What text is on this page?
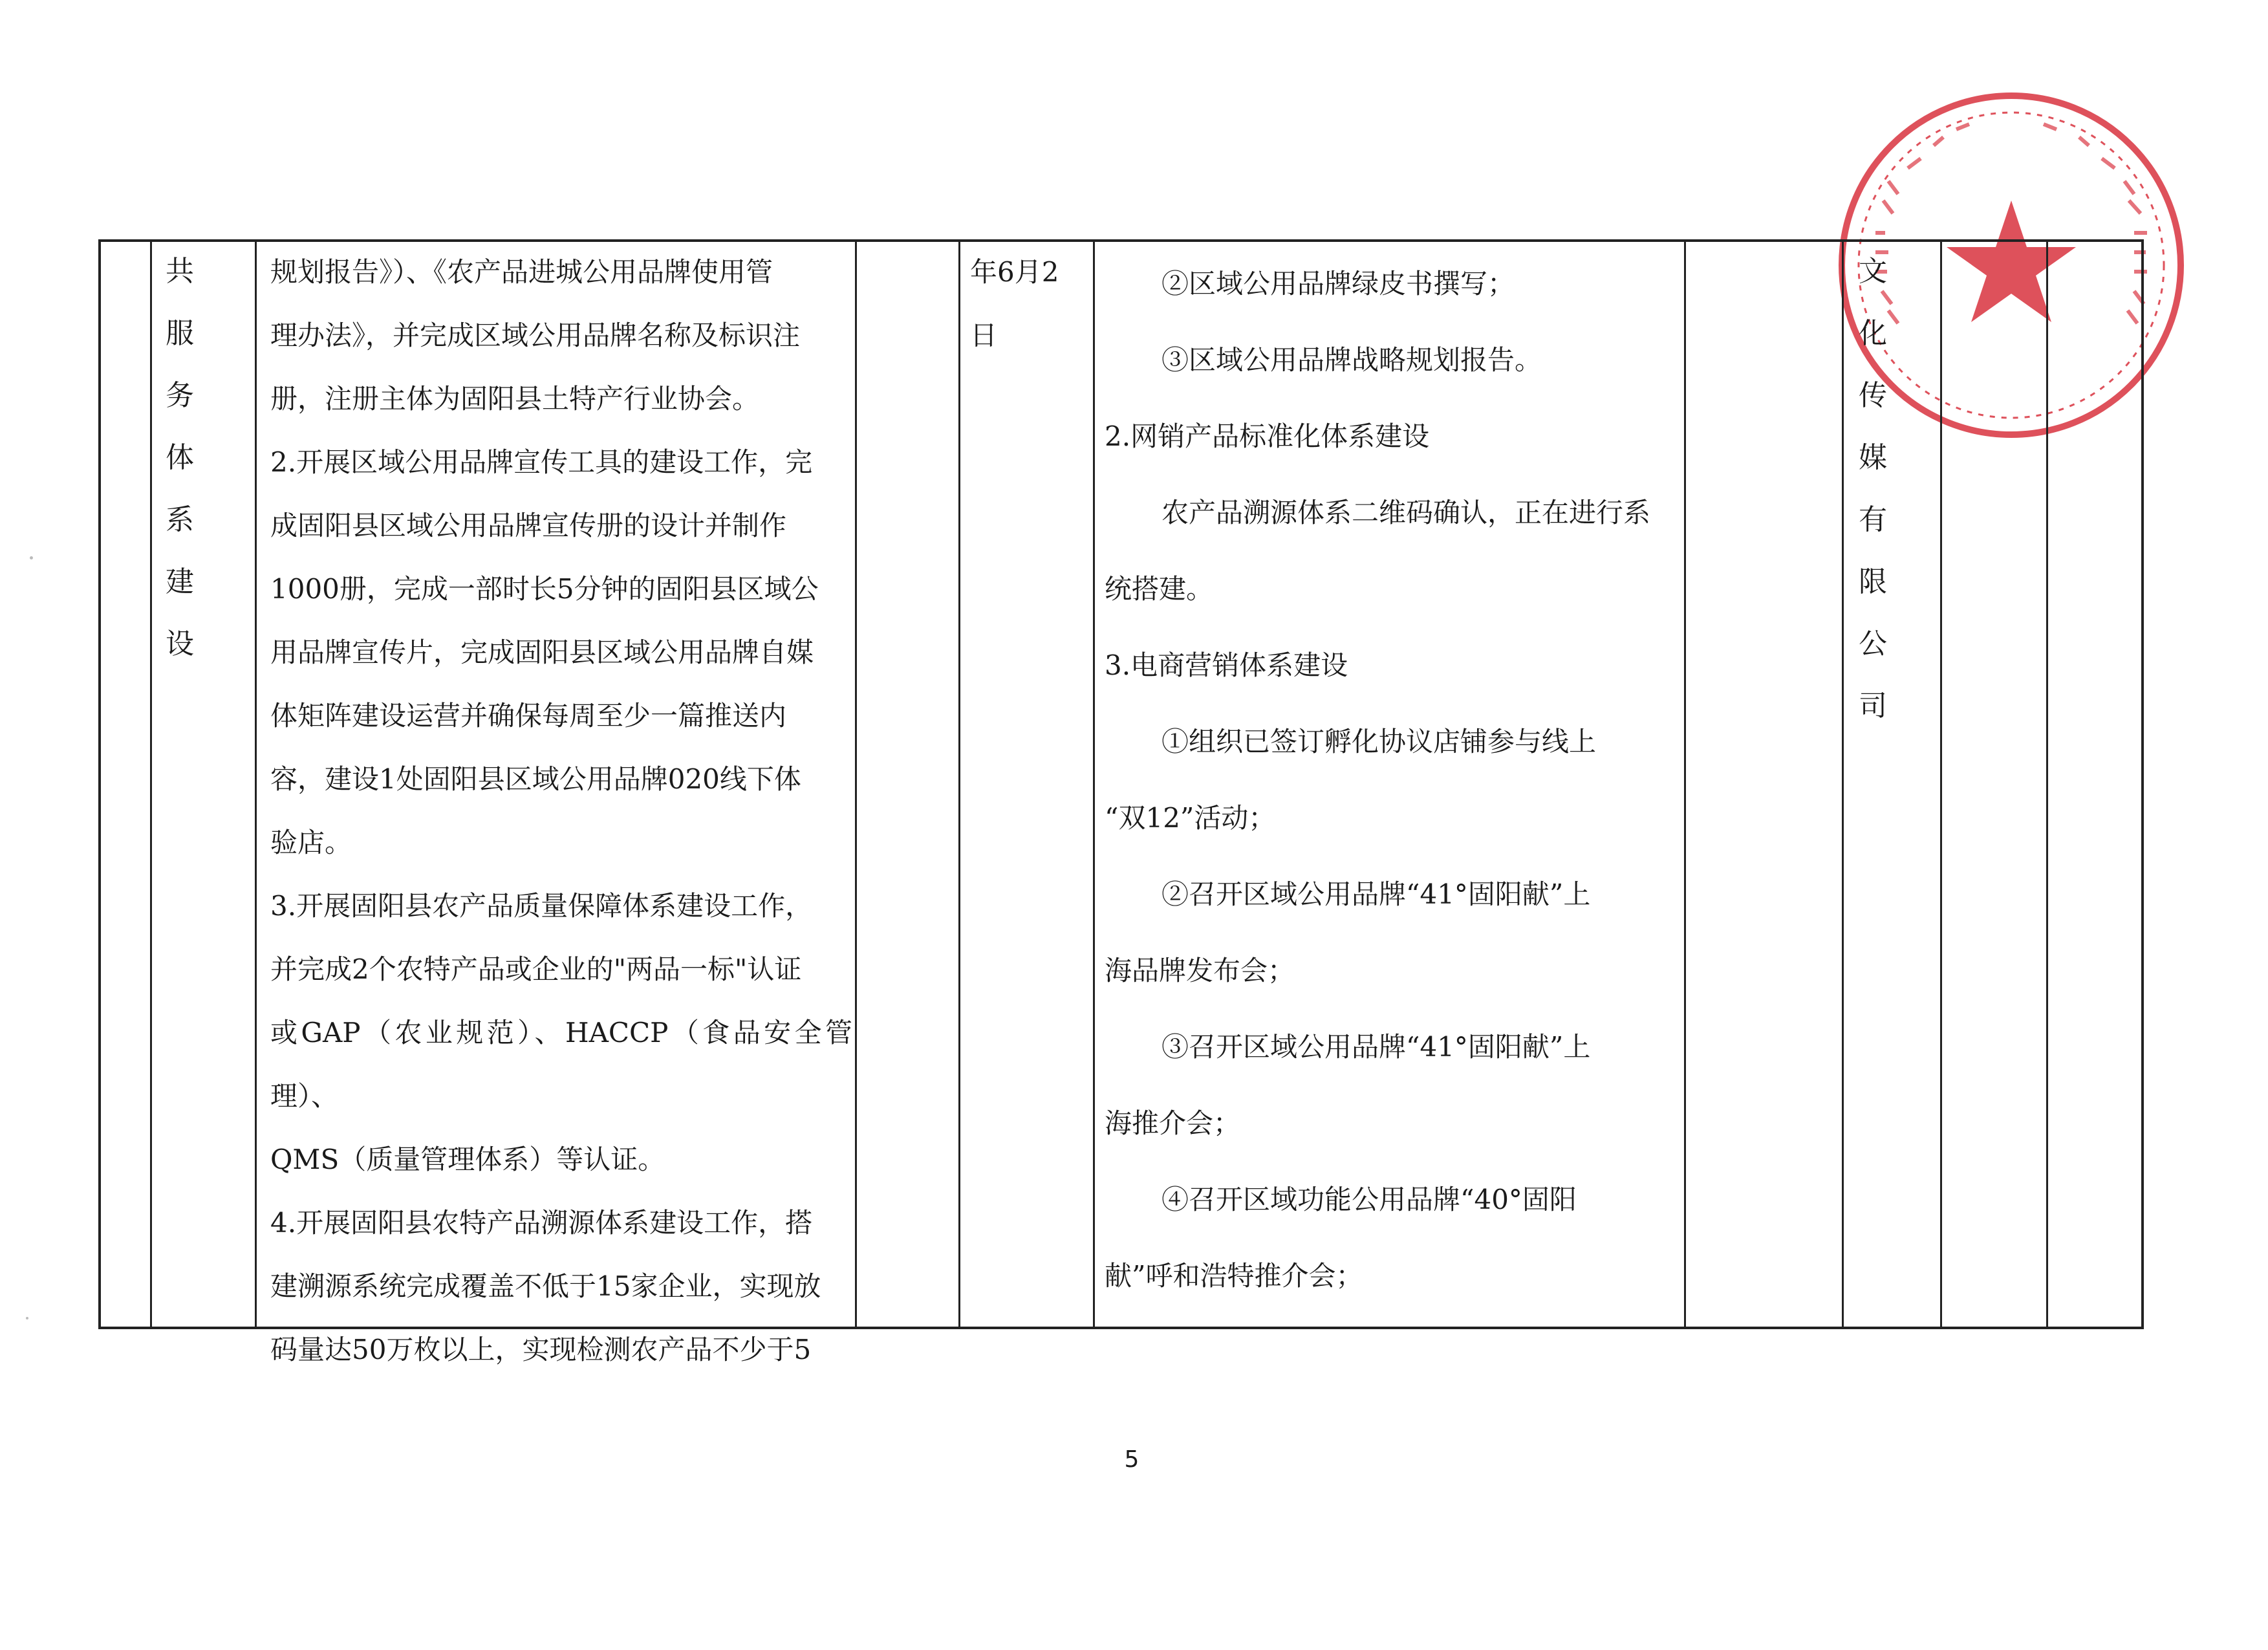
共 服

务 体

系 建

设

规划报告》）、《农产品进城公用品牌使用管

理办法》，并完成区域公用品牌名称及标识注

册，注册主体为固阳县土特产行业协会。

2.开展区域公用品牌宣传工具的建设工作，完

成固阳县区域公用品牌宣传册的设计并制作

1000册，完成一部时长5分钟的固阳县区域公

用品牌宣传片，完成固阳县区域公用品牌自媒

体矩阵建设运营并确保每周至少一篇推送内

容，建设1处固阳县区域公用品牌020线下体

验店。

3.开展固阳县农产品质量保障体系建设工作，

并完成2个农特产品或企业的"两品一标"认证

或GAP（农业规范）、HACCP（食品安全管理）、

QMS（质量管理体系）等认证。

4.开展固阳县农特产品溯源体系建设工作，搭

建溯源系统完成覆盖不低于15家企业，实现放

码量达50万枚以上，实现检测农产品不少于5

年6月2

日

②区域公用品牌绿皮书撰写；

③区域公用品牌战略规划报告。

2.网销产品标准化体系建设

农产品溯源体系二维码确认，正在进行系

统搭建。

3.电商营销体系建设

①组织已签订孵化协议店铺参与线上

“双12”活动；

②召开区域公用品牌“41°固阳献”上

海品牌发布会；

③召开区域公用品牌“41°固阳献”上

海推介会；

④召开区域功能公用品牌“40°固阳

献”呼和浩特推介会；

文 化

传 媒

有 限

公司

5
